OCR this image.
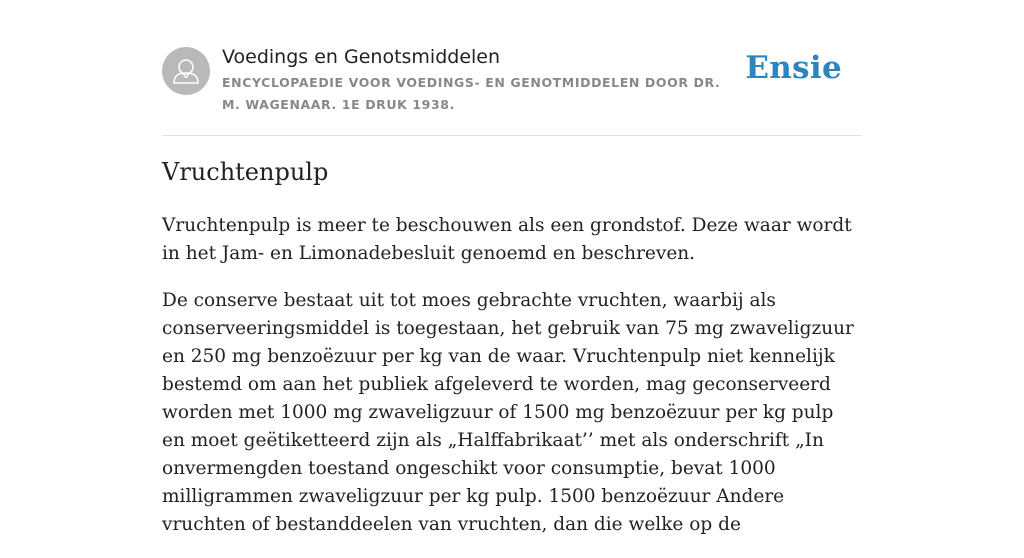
Voedings en Genotsmiddelen
ENCYCLOPAEDIE VOOR VOEDINGS- EN GENOTMIDDELEN DOOR DR. M. WAGENAAR. 1E DRUK 1938.
Ensie
Vruchtenpulp

Vruchtenpulp is meer te beschouwen als een grondstof. Deze waar wordt in het Jam- en Limonadebesluit genoemd en beschreven.

De conserve bestaat uit tot moes gebrachte vruchten, waarbij als conserveeringsmiddel is toegestaan, het gebruik van 75 mg zwaveligzuur en 250 mg benzoëzuur per kg van de waar. Vruchtenpulp niet kennelijk bestemd om aan het publiek afgeleverd te worden, mag geconserveerd worden met 1000 mg zwaveligzuur of 1500 mg benzoëzuur per kg pulp en moet geëtiketteerd zijn als „Halffabrikaat’’ met als onderschrift „In onvermengden toestand ongeschikt voor consumptie, bevat 1000 milligrammen zwaveligzuur per kg pulp. 1500 benzoëzuur Andere vruchten of bestanddeelen van vruchten, dan die welke op de
